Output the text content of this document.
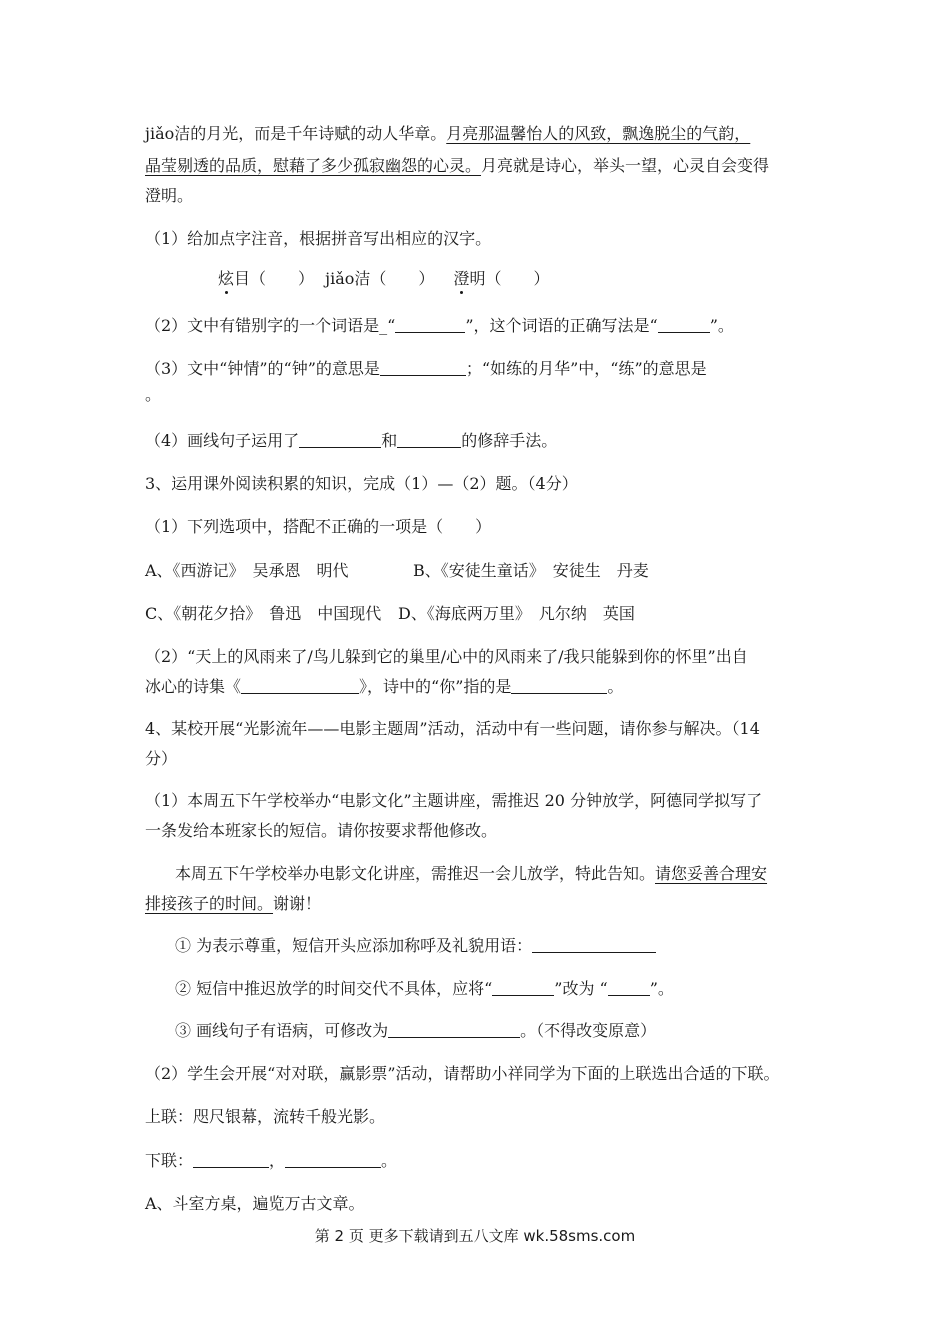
jiǎo洁的月光，而是千年诗赋的动人华章。月亮那温馨怡人的风致，飘逸脱尘的气韵，
晶莹剔透的品质，慰藉了多少孤寂幽怨的心灵。月亮就是诗心，举头一望，心灵自会变得
澄明。
（1）给加点字注音，根据拼音写出相应的汉字。
炫目（　　） jiǎo洁（　　） 澄明（　　）
（2）文中有错别字的一个词语是_“	”，这个词语的正确写法是“	”。
（3）文中“钟情”的“钟”的意思是	；“如练的月华”中，“练”的意思是
。
（4）画线句子运用了	和	的修辞手法。
3、运用课外阅读积累的知识，完成（1）—（2）题。（4分）
（1）下列选项中，搭配不正确的一项是（　　）
A、《西游记》　吴承恩　明代	B、《安徒生童话》　安徒生　丹麦
C、《朝花夕拾》　鲁迅　中国现代 D、《海底两万里》　凡尔纳　英国
（2）“天上的风雨来了/鸟儿躲到它的巢里/心中的风雨来了/我只能躲到你的怀里”出自
冰心的诗集《	》，诗中的“你”指的是	。
4、某校开展“光影流年——电影主题周”活动，活动中有一些问题，请你参与解决。（14
分）
（1）本周五下午学校举办“电影文化”主题讲座，需推迟 20 分钟放学，阿德同学拟写了
一条发给本班家长的短信。请你按要求帮他修改。
本周五下午学校举办电影文化讲座，需推迟一会儿放学，特此告知。请您妥善合理安
排接孩子的时间。谢谢！
① 为表示尊重，短信开头应添加称呼及礼貌用语：
② 短信中推迟放学的时间交代不具体，应将“	”改为 “	”。
③ 画线句子有语病，可修改为	。（不得改变原意）
（2）学生会开展“对对联，赢影票”活动，请帮助小祥同学为下面的上联选出合适的下联。
上联：咫尺银幕，流转千般光影。
下联：	，	。
A、斗室方桌，遍览万古文章。
第 2 页 更多下载请到五八文库 wk.58sms.com
